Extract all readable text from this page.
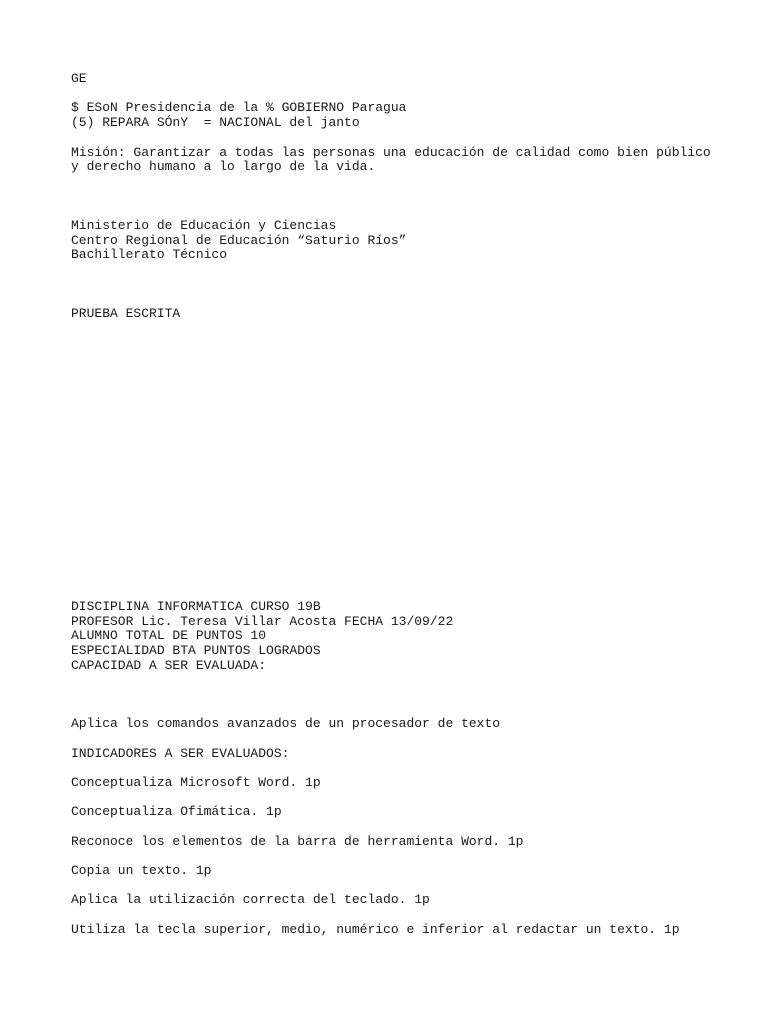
GE

$ ESoN Presidencia de la % GOBIERNO Paragua

(5) REPARA SÓnY  = NACIONAL del janto

Misión: Garantizar a todas las personas una educación de calidad como bien público

y derecho humano a lo largo de la vida.

Ministerio de Educación y Ciencias

Centro Regional de Educación “Saturio Ríos”

Bachillerato Técnico

PRUEBA ESCRITA

DISCIPLINA INFORMATICA CURSO 19B

PROFESOR Lic. Teresa Villar Acosta FECHA 13/09/22

ALUMNO TOTAL DE PUNTOS 10

ESPECIALIDAD BTA PUNTOS LOGRADOS

CAPACIDAD A SER EVALUADA:

Aplica los comandos avanzados de un procesador de texto

INDICADORES A SER EVALUADOS:

Conceptualiza Microsoft Word. 1p

Conceptualiza Ofimática. 1p

Reconoce los elementos de la barra de herramienta Word. 1p

Copia un texto. 1p

Aplica la utilización correcta del teclado. 1p

Utiliza la tecla superior, medio, numérico e inferior al redactar un texto. 1p
